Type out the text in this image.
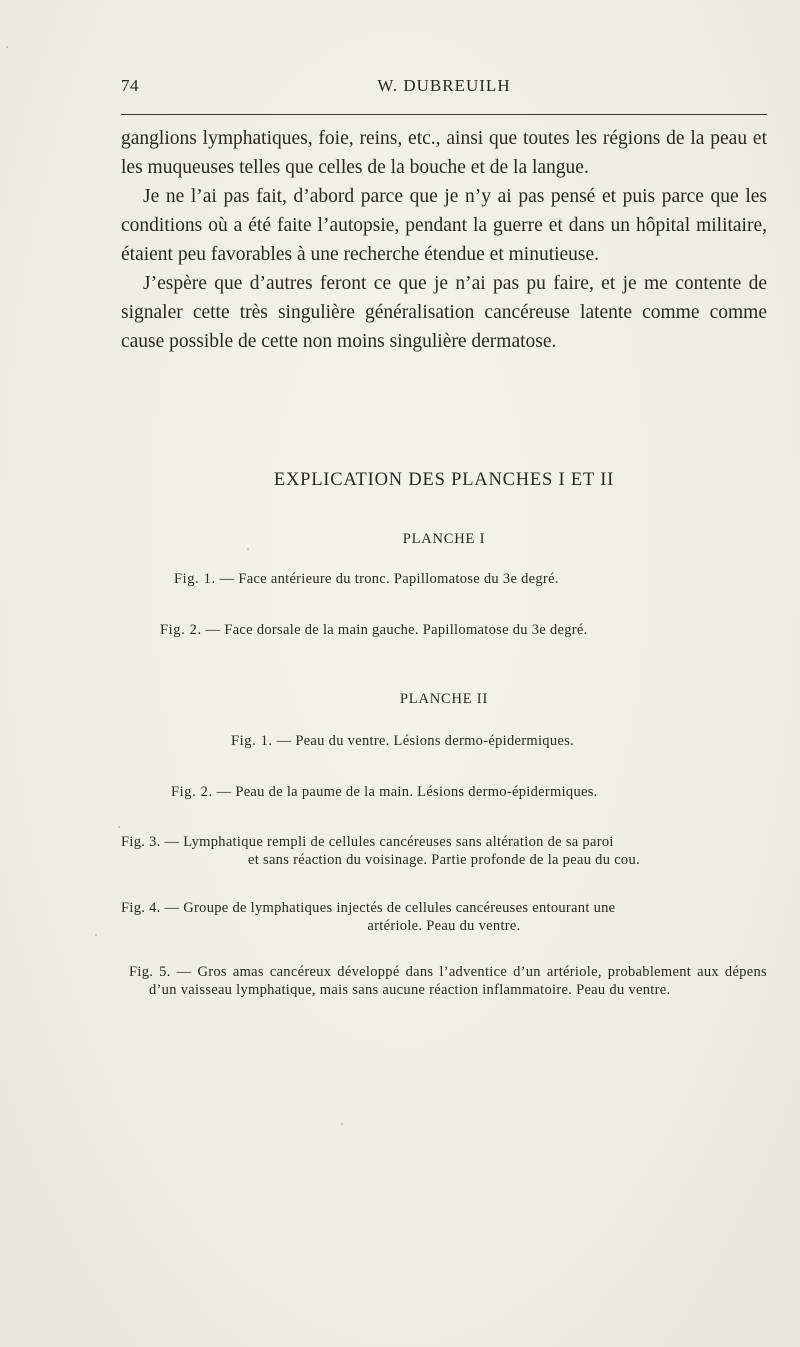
74	W. DUBREUILH

ganglions lymphatiques, foie, reins, etc., ainsi que toutes les régions de la peau et les muqueuses telles que celles de la bouche et de la langue.

Je ne l’ai pas fait, d’abord parce que je n’y ai pas pensé et puis parce que les conditions où a été faite l’autopsie, pendant la guerre et dans un hôpital militaire, étaient peu favorables à une recherche étendue et minutieuse.

J’espère que d’autres feront ce que je n’ai pas pu faire, et je me contente de signaler cette très singulière généralisation cancéreuse latente comme comme cause possible de cette non moins singulière dermatose.

EXPLICATION DES PLANCHES I ET II
PLANCHE I
Fig. 1. — Face antérieure du tronc. Papillomatose du 3e degré.
Fig. 2. — Face dorsale de la main gauche. Papillomatose du 3e degré.
PLANCHE II
Fig. 1. — Peau du ventre. Lésions dermo-épidermiques.
Fig. 2. — Peau de la paume de la main. Lésions dermo-épidermiques.
Fig. 3. — Lymphatique rempli de cellules cancéreuses sans altération de sa paroi
et sans réaction du voisinage. Partie profonde de la peau du cou.
Fig. 4. — Groupe de lymphatiques injectés de cellules cancéreuses entourant une
artériole. Peau du ventre.
Fig. 5. — Gros amas cancéreux développé dans l’adventice d’un artériole, probablement aux dépens d’un vaisseau lymphatique, mais sans aucune réaction inflammatoire. Peau du ventre.
